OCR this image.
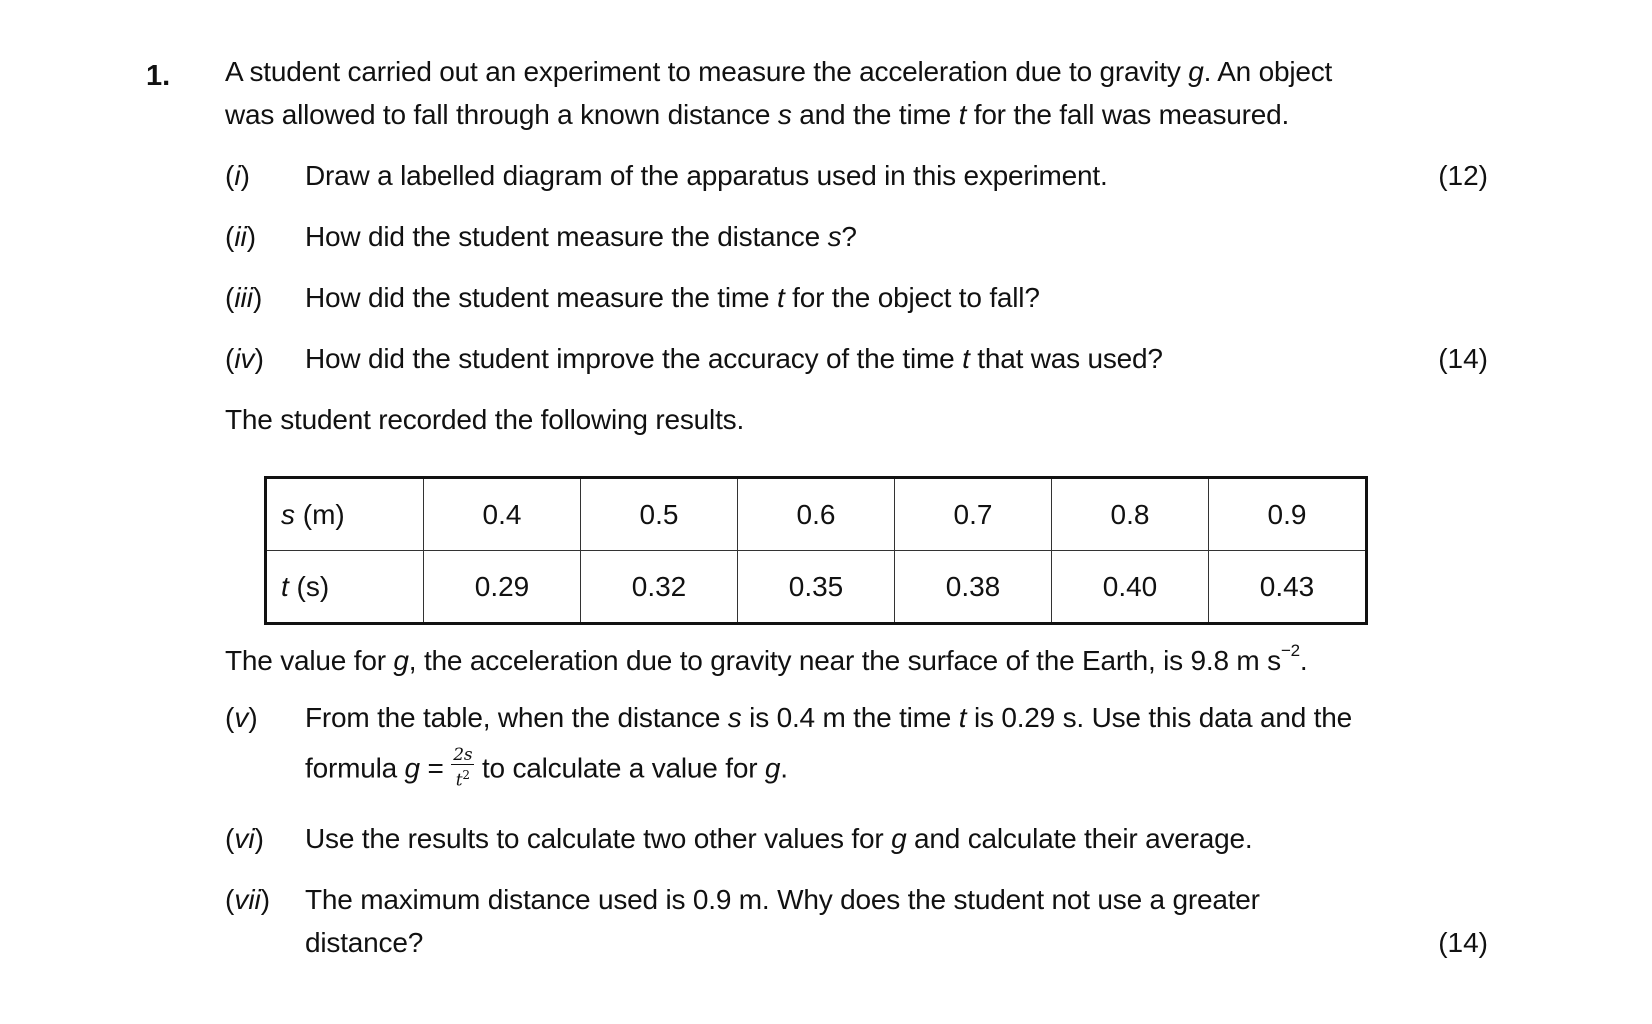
1. A student carried out an experiment to measure the acceleration due to gravity g. An object
was allowed to fall through a known distance s and the time t for the fall was measured.
(i) Draw a labelled diagram of the apparatus used in this experiment.	(12)
(ii) How did the student measure the distance s?
(iii) How did the student measure the time t for the object to fall?
(iv) How did the student improve the accuracy of the time t that was used?	(14)
The student recorded the following results.
s (m)	0.4	0.5	0.6	0.7	0.8	0.9
t (s)	0.29	0.32	0.35	0.38	0.40	0.43
The value for g, the acceleration due to gravity near the surface of the Earth, is 9.8 m $s^{-2}$.
(v) From the table, when the distance s is 0.4 m the time t is 0.29 s. Use this data and the
formula $g = \frac{2s}{t^2}$ to calculate a value for g.
(vi) Use the results to calculate two other values for g and calculate their average.
(vii) The maximum distance used is 0.9 m. Why does the student not use a greater
distance?	(14)
